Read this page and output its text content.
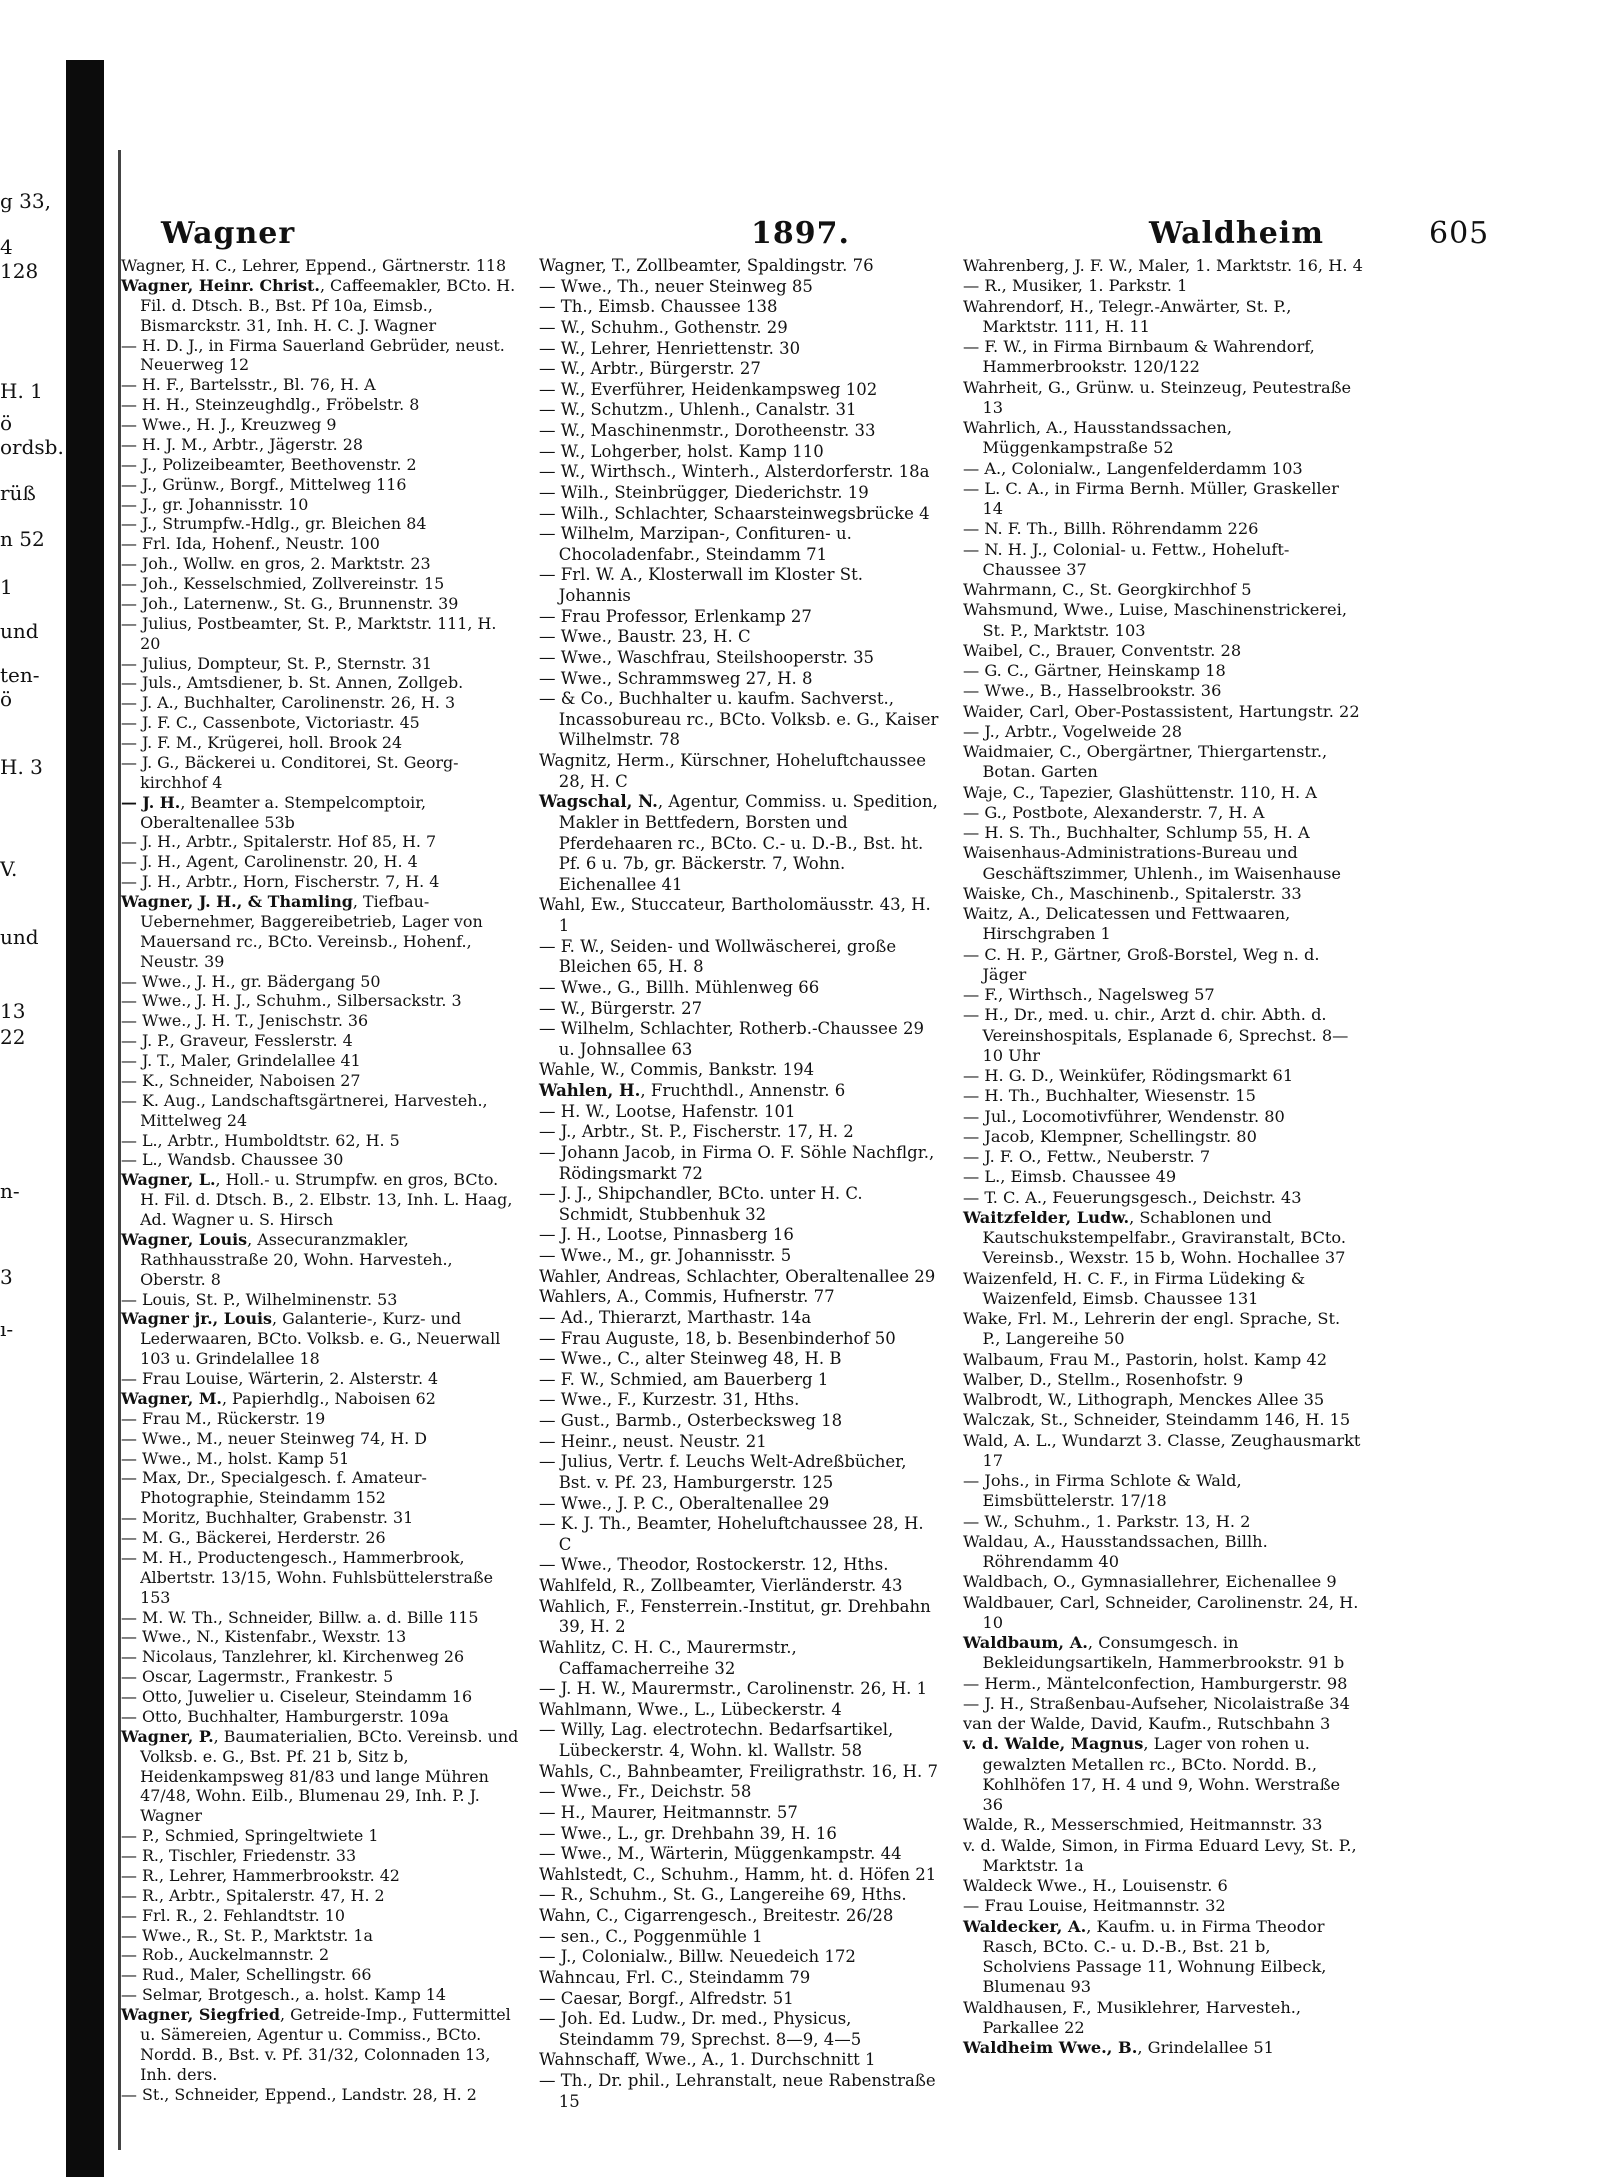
g 33,
4
128
H. 1
ö
ordsb.
rüß
n 52
1
und
ten-
ö
H. 3
V.
und
13
22
n-
3
ı-
Wagner	1897.	Waldheim	605
Wagner, H. C., Lehrer, Eppend., Gärtnerstr. 118
Wagner, Heinr. Christ., Caffeemakler, BCto. H. Fil. d. Dtsch. B., Bst. Pf 10a, Eimsb., Bismarckstr. 31, Inh. H. C. J. Wagner
— H. D. J., in Firma Sauerland Gebrüder, neust. Neuerweg 12
— H. F., Bartelsstr., Bl. 76, H. A
— H. H., Steinzeughdlg., Fröbelstr. 8
— Wwe., H. J., Kreuzweg 9
— H. J. M., Arbtr., Jägerstr. 28
— J., Polizeibeamter, Beethovenstr. 2
— J., Grünw., Borgf., Mittelweg 116
— J., gr. Johannisstr. 10
— J., Strumpfw.-Hdlg., gr. Bleichen 84
— Frl. Ida, Hohenf., Neustr. 100
— Joh., Wollw. en gros, 2. Marktstr. 23
— Joh., Kesselschmied, Zollvereinstr. 15
— Joh., Laternenw., St. G., Brunnenstr. 39
— Julius, Postbeamter, St. P., Marktstr. 111, H. 20
— Julius, Dompteur, St. P., Sternstr. 31
— Juls., Amtsdiener, b. St. Annen, Zollgeb.
— J. A., Buchhalter, Carolinenstr. 26, H. 3
— J. F. C., Cassenbote, Victoriastr. 45
— J. F. M., Krügerei, holl. Brook 24
— J. G., Bäckerei u. Conditorei, St. Georg-kirchhof 4
— J. H., Beamter a. Stempelcomptoir, Oberaltenallee 53b
— J. H., Arbtr., Spitalerstr. Hof 85, H. 7
— J. H., Agent, Carolinenstr. 20, H. 4
— J. H., Arbtr., Horn, Fischerstr. 7, H. 4
Wagner, J. H., & Thamling, Tiefbau-Uebernehmer, Baggereibetrieb, Lager von Mauersand rc., BCto. Vereinsb., Hohenf., Neustr. 39
— Wwe., J. H., gr. Bädergang 50
— Wwe., J. H. J., Schuhm., Silbersackstr. 3
— Wwe., J. H. T., Jenischstr. 36
— J. P., Graveur, Fesslerstr. 4
— J. T., Maler, Grindelallee 41
— K., Schneider, Naboisen 27
— K. Aug., Landschaftsgärtnerei, Harvesteh., Mittelweg 24
— L., Arbtr., Humboldtstr. 62, H. 5
— L., Wandsb. Chaussee 30
Wagner, L., Holl.- u. Strumpfw. en gros, BCto. H. Fil. d. Dtsch. B., 2. Elbstr. 13, Inh. L. Haag, Ad. Wagner u. S. Hirsch
Wagner, Louis, Assecuranzmakler, Rathhausstraße 20, Wohn. Harvesteh., Oberstr. 8
— Louis, St. P., Wilhelminenstr. 53
Wagner jr., Louis, Galanterie-, Kurz- und Lederwaaren, BCto. Volksb. e. G., Neuerwall 103 u. Grindelallee 18
— Frau Louise, Wärterin, 2. Alsterstr. 4
Wagner, M., Papierhdlg., Naboisen 62
— Frau M., Rückerstr. 19
— Wwe., M., neuer Steinweg 74, H. D
— Wwe., M., holst. Kamp 51
— Max, Dr., Specialgesch. f. Amateur-Photographie, Steindamm 152
— Moritz, Buchhalter, Grabenstr. 31
— M. G., Bäckerei, Herderstr. 26
— M. H., Productengesch., Hammerbrook, Albertstr. 13/15, Wohn. Fuhlsbüttelerstraße 153
— M. W. Th., Schneider, Billw. a. d. Bille 115
— Wwe., N., Kistenfabr., Wexstr. 13
— Nicolaus, Tanzlehrer, kl. Kirchenweg 26
— Oscar, Lagermstr., Frankestr. 5
— Otto, Juwelier u. Ciseleur, Steindamm 16
— Otto, Buchhalter, Hamburgerstr. 109a
Wagner, P., Baumaterialien, BCto. Vereinsb. und Volksb. e. G., Bst. Pf. 21 b, Sitz b, Heidenkampsweg 81/83 und lange Mühren 47/48, Wohn. Eilb., Blumenau 29, Inh. P. J. Wagner
— P., Schmied, Springeltwiete 1
— R., Tischler, Friedenstr. 33
— R., Lehrer, Hammerbrookstr. 42
— R., Arbtr., Spitalerstr. 47, H. 2
— Frl. R., 2. Fehlandtstr. 10
— Wwe., R., St. P., Marktstr. 1a
— Rob., Auckelmannstr. 2
— Rud., Maler, Schellingstr. 66
— Selmar, Brotgesch., a. holst. Kamp 14
Wagner, Siegfried, Getreide-Imp., Futtermittel u. Sämereien, Agentur u. Commiss., BCto. Nordd. B., Bst. v. Pf. 31/32, Colonnaden 13, Inh. ders.
— St., Schneider, Eppend., Landstr. 28, H. 2
Wagner, T., Zollbeamter, Spaldingstr. 76
— Wwe., Th., neuer Steinweg 85
— Th., Eimsb. Chaussee 138
— W., Schuhm., Gothenstr. 29
— W., Lehrer, Henriettenstr. 30
— W., Arbtr., Bürgerstr. 27
— W., Everführer, Heidenkampsweg 102
— W., Schutzm., Uhlenh., Canalstr. 31
— W., Maschinenmstr., Dorotheenstr. 33
— W., Lohgerber, holst. Kamp 110
— W., Wirthsch., Winterh., Alsterdorferstr. 18a
— Wilh., Steinbrügger, Diederichstr. 19
— Wilh., Schlachter, Schaarsteinwegsbrücke 4
— Wilhelm, Marzipan-, Confituren- u. Chocoladenfabr., Steindamm 71
— Frl. W. A., Klosterwall im Kloster St. Johannis
— Frau Professor, Erlenkamp 27
— Wwe., Baustr. 23, H. C
— Wwe., Waschfrau, Steilshooperstr. 35
— Wwe., Schrammsweg 27, H. 8
— & Co., Buchhalter u. kaufm. Sachverst., Incassobureau rc., BCto. Volksb. e. G., Kaiser Wilhelmstr. 78
Wagnitz, Herm., Kürschner, Hoheluftchaussee 28, H. C
Wagschal, N., Agentur, Commiss. u. Spedition, Makler in Bettfedern, Borsten und Pferdehaaren rc., BCto. C.- u. D.-B., Bst. ht. Pf. 6 u. 7b, gr. Bäckerstr. 7, Wohn. Eichenallee 41
Wahl, Ew., Stuccateur, Bartholomäusstr. 43, H. 1
— F. W., Seiden- und Wollwäscherei, große Bleichen 65, H. 8
— Wwe., G., Billh. Mühlenweg 66
— W., Bürgerstr. 27
— Wilhelm, Schlachter, Rotherb.-Chaussee 29 u. Johnsallee 63
Wahle, W., Commis, Bankstr. 194
Wahlen, H., Fruchthdl., Annenstr. 6
— H. W., Lootse, Hafenstr. 101
— J., Arbtr., St. P., Fischerstr. 17, H. 2
— Johann Jacob, in Firma O. F. Söhle Nachflgr., Rödingsmarkt 72
— J. J., Shipchandler, BCto. unter H. C. Schmidt, Stubbenhuk 32
— J. H., Lootse, Pinnasberg 16
— Wwe., M., gr. Johannisstr. 5
Wahler, Andreas, Schlachter, Oberaltenallee 29
Wahlers, A., Commis, Hufnerstr. 77
— Ad., Thierarzt, Marthastr. 14a
— Frau Auguste, 18, b. Besenbinderhof 50
— Wwe., C., alter Steinweg 48, H. B
— F. W., Schmied, am Bauerberg 1
— Wwe., F., Kurzestr. 31, Hths.
— Gust., Barmb., Osterbecksweg 18
— Heinr., neust. Neustr. 21
— Julius, Vertr. f. Leuchs Welt-Adreßbücher, Bst. v. Pf. 23, Hamburgerstr. 125
— Wwe., J. P. C., Oberaltenallee 29
— K. J. Th., Beamter, Hoheluftchaussee 28, H. C
— Wwe., Theodor, Rostockerstr. 12, Hths.
Wahlfeld, R., Zollbeamter, Vierländerstr. 43
Wahlich, F., Fensterrein.-Institut, gr. Drehbahn 39, H. 2
Wahlitz, C. H. C., Maurermstr., Caffamacherreihe 32
— J. H. W., Maurermstr., Carolinenstr. 26, H. 1
Wahlmann, Wwe., L., Lübeckerstr. 4
— Willy, Lag. electrotechn. Bedarfsartikel, Lübeckerstr. 4, Wohn. kl. Wallstr. 58
Wahls, C., Bahnbeamter, Freiligrathstr. 16, H. 7
— Wwe., Fr., Deichstr. 58
— H., Maurer, Heitmannstr. 57
— Wwe., L., gr. Drehbahn 39, H. 16
— Wwe., M., Wärterin, Müggenkampstr. 44
Wahlstedt, C., Schuhm., Hamm, ht. d. Höfen 21
— R., Schuhm., St. G., Langereihe 69, Hths.
Wahn, C., Cigarrengesch., Breitestr. 26/28
— sen., C., Poggenmühle 1
— J., Colonialw., Billw. Neuedeich 172
Wahncau, Frl. C., Steindamm 79
— Caesar, Borgf., Alfredstr. 51
— Joh. Ed. Ludw., Dr. med., Physicus, Steindamm 79, Sprechst. 8—9, 4—5
Wahnschaff, Wwe., A., 1. Durchschnitt 1
— Th., Dr. phil., Lehranstalt, neue Rabenstraße 15
Wahrenberg, J. F. W., Maler, 1. Marktstr. 16, H. 4
— R., Musiker, 1. Parkstr. 1
Wahrendorf, H., Telegr.-Anwärter, St. P., Marktstr. 111, H. 11
— F. W., in Firma Birnbaum & Wahrendorf, Hammerbrookstr. 120/122
Wahrheit, G., Grünw. u. Steinzeug, Peutestraße 13
Wahrlich, A., Hausstandssachen, Müggenkampstraße 52
— A., Colonialw., Langenfelderdamm 103
— L. C. A., in Firma Bernh. Müller, Graskeller 14
— N. F. Th., Billh. Röhrendamm 226
— N. H. J., Colonial- u. Fettw., Hoheluft-Chaussee 37
Wahrmann, C., St. Georgkirchhof 5
Wahsmund, Wwe., Luise, Maschinenstrickerei, St. P., Marktstr. 103
Waibel, C., Brauer, Conventstr. 28
— G. C., Gärtner, Heinskamp 18
— Wwe., B., Hasselbrookstr. 36
Waider, Carl, Ober-Postassistent, Hartungstr. 22
— J., Arbtr., Vogelweide 28
Waidmaier, C., Obergärtner, Thiergartenstr., Botan. Garten
Waje, C., Tapezier, Glashüttenstr. 110, H. A
— G., Postbote, Alexanderstr. 7, H. A
— H. S. Th., Buchhalter, Schlump 55, H. A
Waisenhaus-Administrations-Bureau und Geschäftszimmer, Uhlenh., im Waisenhause
Waiske, Ch., Maschinenb., Spitalerstr. 33
Waitz, A., Delicatessen und Fettwaaren, Hirschgraben 1
— C. H. P., Gärtner, Groß-Borstel, Weg n. d. Jäger
— F., Wirthsch., Nagelsweg 57
— H., Dr., med. u. chir., Arzt d. chir. Abth. d. Vereinshospitals, Esplanade 6, Sprechst. 8—10 Uhr
— H. G. D., Weinküfer, Rödingsmarkt 61
— H. Th., Buchhalter, Wiesenstr. 15
— Jul., Locomotivführer, Wendenstr. 80
— Jacob, Klempner, Schellingstr. 80
— J. F. O., Fettw., Neuberstr. 7
— L., Eimsb. Chaussee 49
— T. C. A., Feuerungsgesch., Deichstr. 43
Waitzfelder, Ludw., Schablonen und Kautschukstempelfabr., Graviranstalt, BCto. Vereinsb., Wexstr. 15 b, Wohn. Hochallee 37
Waizenfeld, H. C. F., in Firma Lüdeking & Waizenfeld, Eimsb. Chaussee 131
Wake, Frl. M., Lehrerin der engl. Sprache, St. P., Langereihe 50
Walbaum, Frau M., Pastorin, holst. Kamp 42
Walber, D., Stellm., Rosenhofstr. 9
Walbrodt, W., Lithograph, Menckes Allee 35
Walczak, St., Schneider, Steindamm 146, H. 15
Wald, A. L., Wundarzt 3. Classe, Zeughausmarkt 17
— Johs., in Firma Schlote & Wald, Eimsbüttelerstr. 17/18
— W., Schuhm., 1. Parkstr. 13, H. 2
Waldau, A., Hausstandssachen, Billh. Röhrendamm 40
Waldbach, O., Gymnasiallehrer, Eichenallee 9
Waldbauer, Carl, Schneider, Carolinenstr. 24, H. 10
Waldbaum, A., Consumgesch. in Bekleidungsartikeln, Hammerbrookstr. 91 b
— Herm., Mäntelconfection, Hamburgerstr. 98
— J. H., Straßenbau-Aufseher, Nicolaistraße 34
van der Walde, David, Kaufm., Rutschbahn 3
v. d. Walde, Magnus, Lager von rohen u. gewalzten Metallen rc., BCto. Nordd. B., Kohlhöfen 17, H. 4 und 9, Wohn. Werstraße 36
Walde, R., Messerschmied, Heitmannstr. 33
v. d. Walde, Simon, in Firma Eduard Levy, St. P., Marktstr. 1a
Waldeck Wwe., H., Louisenstr. 6
— Frau Louise, Heitmannstr. 32
Waldecker, A., Kaufm. u. in Firma Theodor Rasch, BCto. C.- u. D.-B., Bst. 21 b, Scholviens Passage 11, Wohnung Eilbeck, Blumenau 93
Waldhausen, F., Musiklehrer, Harvesteh., Parkallee 22
Waldheim Wwe., B., Grindelallee 51
